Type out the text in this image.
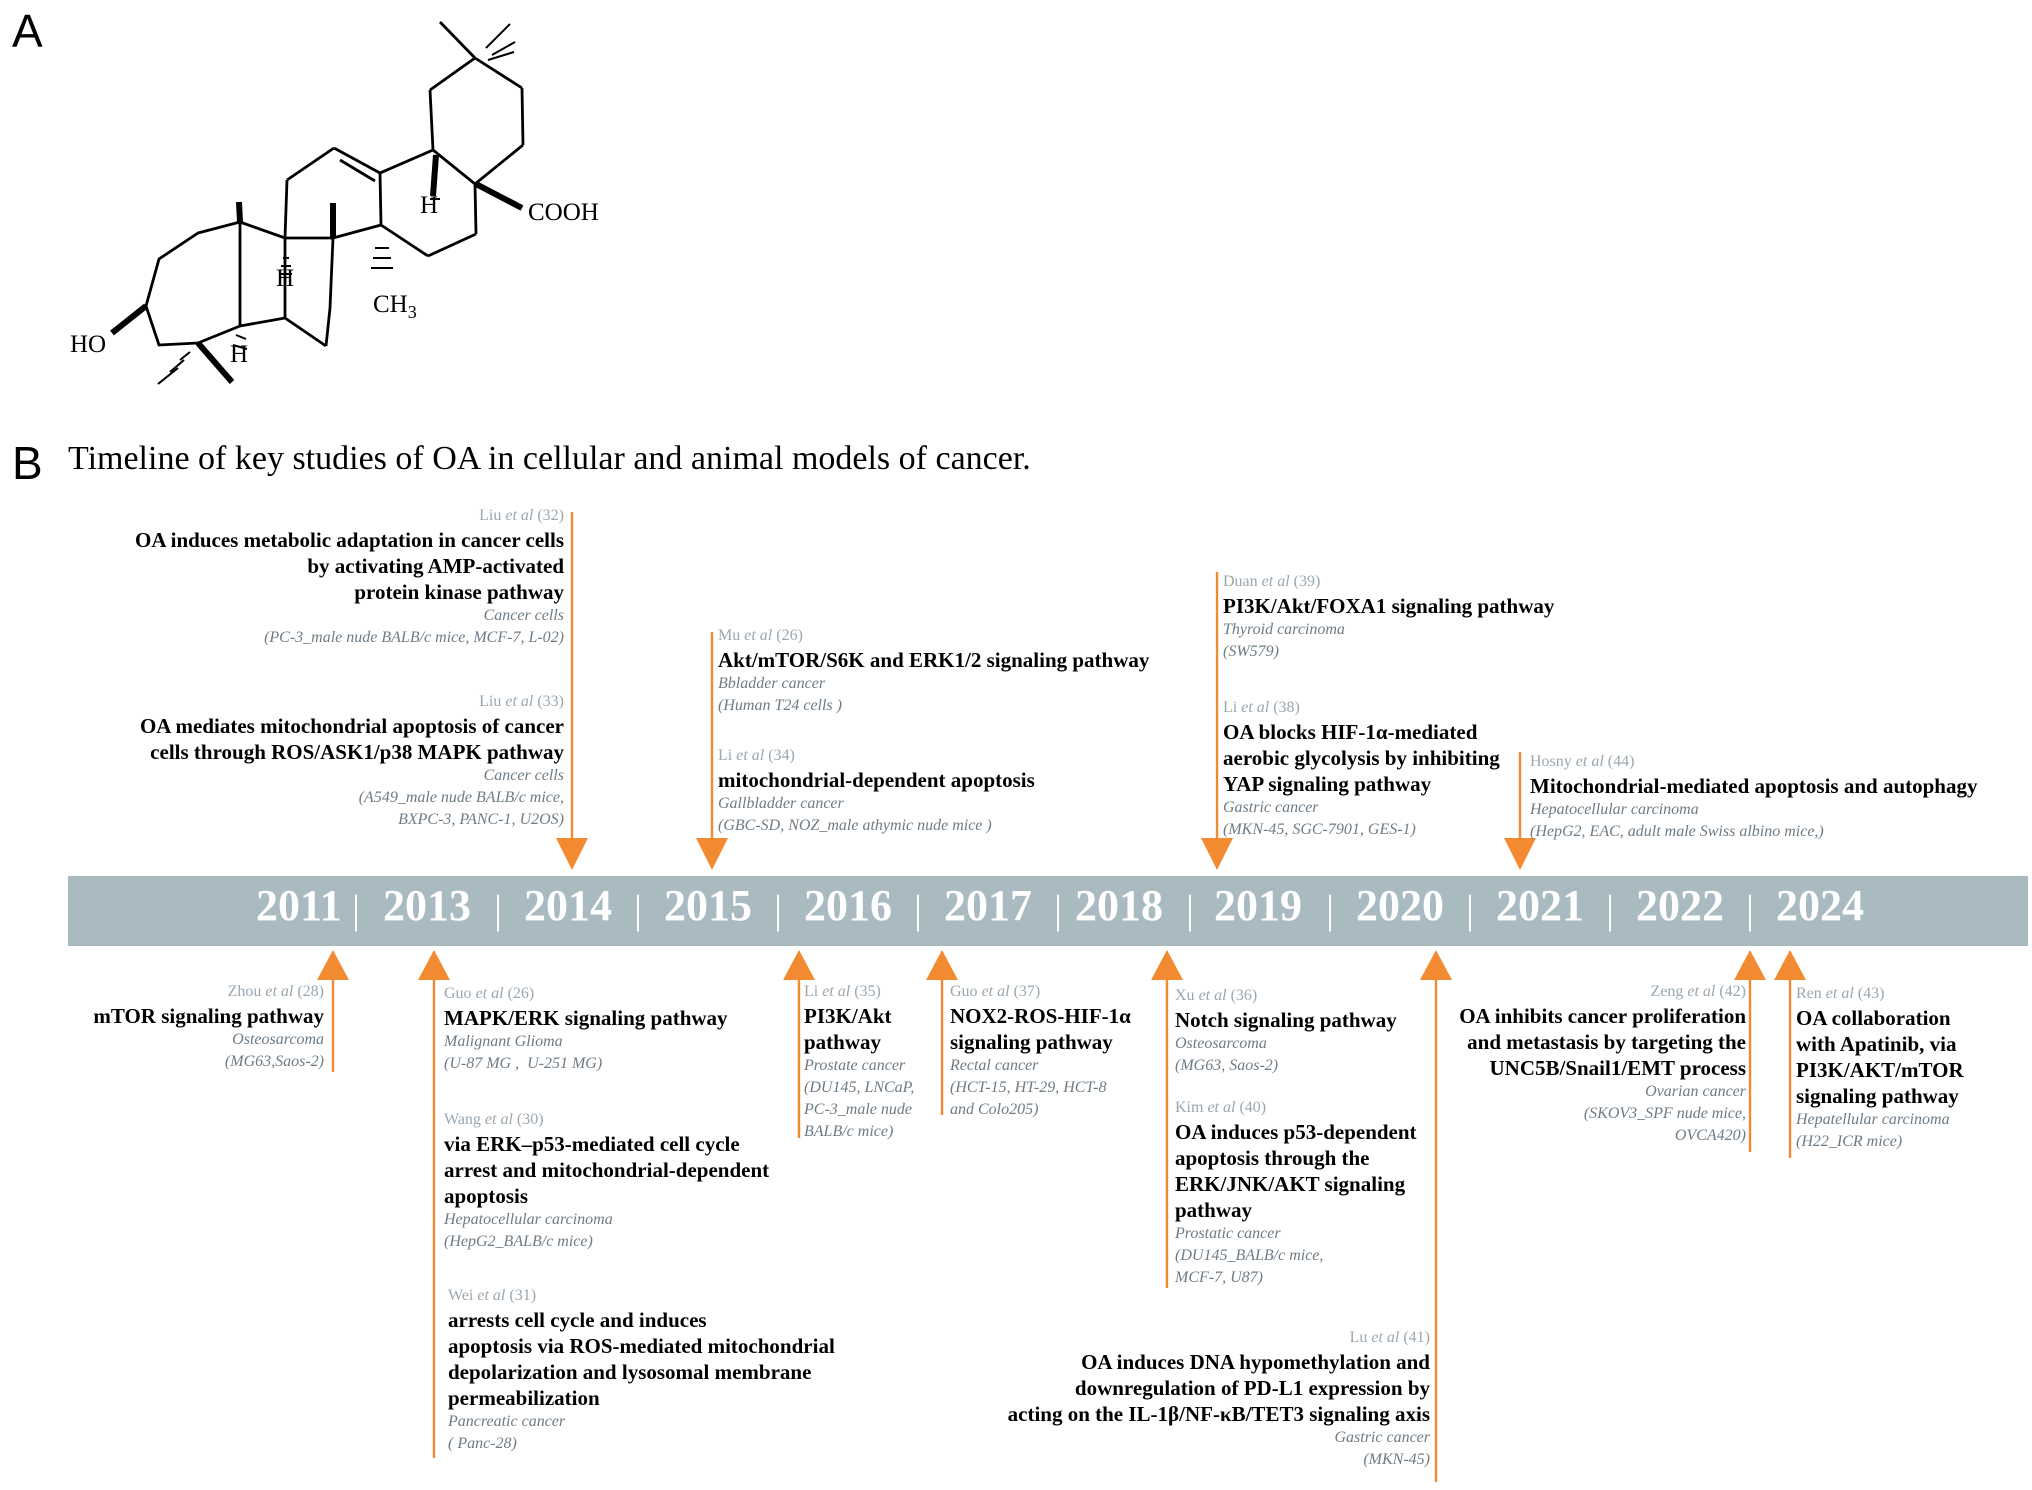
A
B Timeline of key studies of OA in cellular and animal models of cancer.
HO
COOH
$CH_3$
H
H
H
2011 | 2013 | 2014 | 2015 | 2016 | 2017 | 2018 | 2019 | 2020 | 2021 | 2022 | 2024
Liu et al (32)
OA induces metabolic adaptation in cancer cells
by activating AMP-activated
protein kinase pathway
Cancer cells
(PC-3_male nude BALB/c mice, MCF-7, L-02)
Liu et al (33)
OA mediates mitochondrial apoptosis of cancer
cells through ROS/ASK1/p38 MAPK pathway
Cancer cells
(A549_male nude BALB/c mice,
BXPC-3, PANC-1, U2OS)
Mu et al (26)
Akt/mTOR/S6K and ERK1/2 signaling pathway
Bbladder cancer
(Human T24 cells )
Li et al (34)
mitochondrial-dependent apoptosis
Gallbladder cancer
(GBC-SD, NOZ_male athymic nude mice )
Duan et al (39)
PI3K/Akt/FOXA1 signaling pathway
Thyroid carcinoma
(SW579)
Li et al (38)
OA blocks HIF-1α-mediated
aerobic glycolysis by inhibiting
YAP signaling pathway
Gastric cancer
(MKN-45, SGC-7901, GES-1)
Hosny et al (44)
Mitochondrial-mediated apoptosis and autophagy
Hepatocellular carcinoma
(HepG2, EAC, adult male Swiss albino mice,)
Zhou et al (28)
mTOR signaling pathway
Osteosarcoma
(MG63,Saos-2)
Guo et al (26)
MAPK/ERK signaling pathway
Malignant Glioma
(U-87 MG ,  U-251 MG)
Wang et al (30)
via ERK–p53-mediated cell cycle
arrest and mitochondrial-dependent
apoptosis
Hepatocellular carcinoma
(HepG2_BALB/c mice)
Wei et al (31)
arrests cell cycle and induces
apoptosis via ROS-mediated mitochondrial
depolarization and lysosomal membrane
permeabilization
Pancreatic cancer
( Panc-28)
Li et al (35)
PI3K/Akt
pathway
Prostate cancer
(DU145, LNCaP,
PC-3_male nude
BALB/c mice)
Guo et al (37)
NOX2-ROS-HIF-1α
signaling pathway
Rectal cancer
(HCT-15, HT-29, HCT-8
and Colo205)
Xu et al (36)
Notch signaling pathway
Osteosarcoma
(MG63, Saos-2)
Kim et al (40)
OA induces p53-dependent
apoptosis through the
ERK/JNK/AKT signaling
pathway
Prostatic cancer
(DU145_BALB/c mice,
MCF-7, U87)
Lu et al (41)
OA induces DNA hypomethylation and
downregulation of PD-L1 expression by
acting on the IL-1β/NF-κB/TET3 signaling axis
Gastric cancer
(MKN-45)
Zeng et al (42)
OA inhibits cancer proliferation
and metastasis by targeting the
UNC5B/Snail1/EMT process
Ovarian cancer
(SKOV3_SPF nude mice,
OVCA420)
Ren et al (43)
OA collaboration
with Apatinib, via
PI3K/AKT/mTOR
signaling pathway
Hepatellular carcinoma
(H22_ICR mice)
